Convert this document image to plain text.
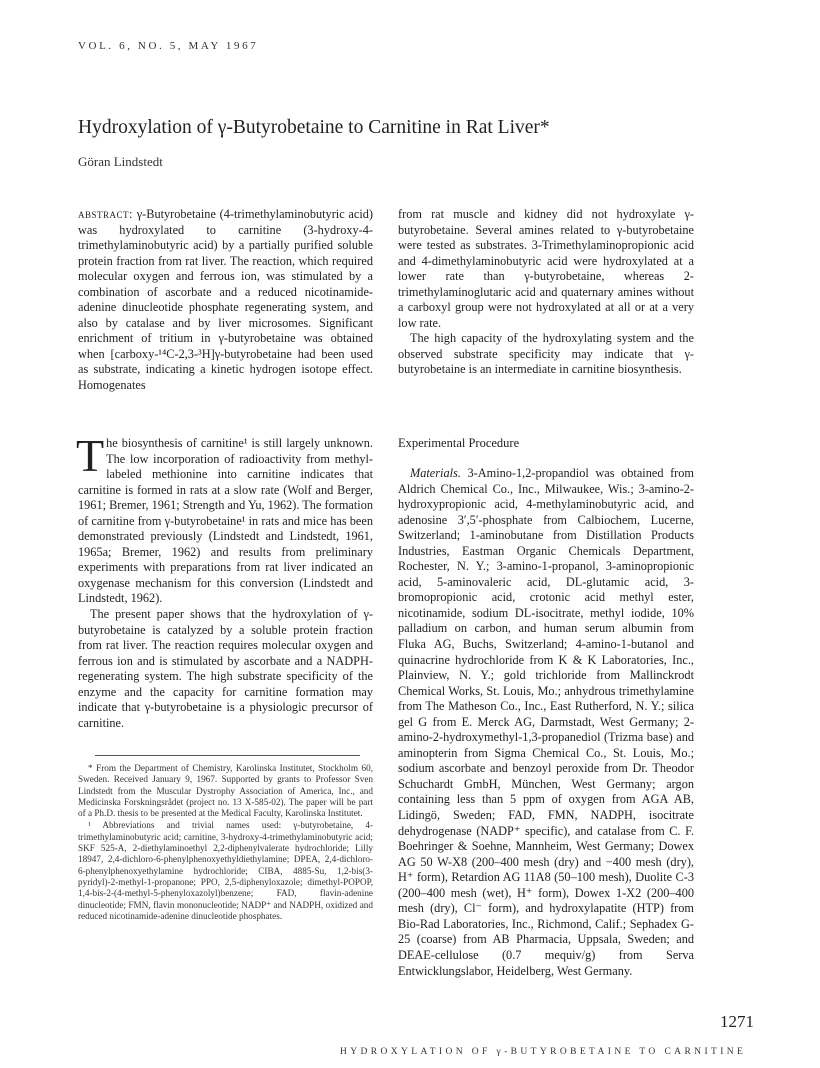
VOL. 6, NO. 5, MAY 1967
Hydroxylation of γ-Butyrobetaine to Carnitine in Rat Liver*
Göran Lindstedt
abstract: γ-Butyrobetaine (4-trimethylaminobutyric acid) was hydroxylated to carnitine (3-hydroxy-4-trimethylaminobutyric acid) by a partially purified soluble protein fraction from rat liver. The reaction, which required molecular oxygen and ferrous ion, was stimulated by a combination of ascorbate and a reduced nicotinamide-adenine dinucleotide phosphate regenerating system, and also by catalase and by liver microsomes. Significant enrichment of tritium in γ-butyrobetaine was obtained when [carboxy-¹⁴C-2,3-³H]γ-butyrobetaine had been used as substrate, indicating a kinetic hydrogen isotope effect. Homogenates

from rat muscle and kidney did not hydroxylate γ-butyrobetaine. Several amines related to γ-butyrobetaine were tested as substrates. 3-Trimethylaminopropionic acid and 4-dimethylaminobutyric acid were hydroxylated at a lower rate than γ-butyrobetaine, whereas 2-trimethylaminoglutaric acid and quaternary amines without a carboxyl group were not hydroxylated at all or at a very low rate.

The high capacity of the hydroxylating system and the observed substrate specificity may indicate that γ-butyrobetaine is an intermediate in carnitine biosynthesis.

The biosynthesis of carnitine¹ is still largely unknown. The low incorporation of radioactivity from methyl-labeled methionine into carnitine indicates that carnitine is formed in rats at a slow rate (Wolf and Berger, 1961; Bremer, 1961; Strength and Yu, 1962). The formation of carnitine from γ-butyrobetaine¹ in rats and mice has been demonstrated previously (Lindstedt and Lindstedt, 1961, 1965a; Bremer, 1962) and results from preliminary experiments with preparations from rat liver indicated an oxygenase mechanism for this conversion (Lindstedt and Lindstedt, 1962).

The present paper shows that the hydroxylation of γ-butyrobetaine is catalyzed by a soluble protein fraction from rat liver. The reaction requires molecular oxygen and ferrous ion and is stimulated by ascorbate and a NADPH-regenerating system. The high substrate specificity of the enzyme and the capacity for carnitine formation may indicate that γ-butyrobetaine is a physiologic precursor of carnitine.

Experimental Procedure

Materials. 3-Amino-1,2-propandiol was obtained from Aldrich Chemical Co., Inc., Milwaukee, Wis.; 3-amino-2-hydroxypropionic acid, 4-methylaminobutyric acid, and adenosine 3′,5′-phosphate from Calbiochem, Lucerne, Switzerland; 1-aminobutane from Distillation Products Industries, Eastman Organic Chemicals Department, Rochester, N. Y.; 3-amino-1-propanol, 3-aminopropionic acid, 5-aminovaleric acid, DL-glutamic acid, 3-bromopropionic acid, crotonic acid methyl ester, nicotinamide, sodium DL-isocitrate, methyl iodide, 10% palladium on carbon, and human serum albumin from Fluka AG, Buchs, Switzerland; 4-amino-1-butanol and quinacrine hydrochloride from K & K Laboratories, Inc., Plainview, N. Y.; gold trichloride from Mallinckrodt Chemical Works, St. Louis, Mo.; anhydrous trimethylamine from The Matheson Co., Inc., East Rutherford, N. Y.; silica gel G from E. Merck AG, Darmstadt, West Germany; 2-amino-2-hydroxymethyl-1,3-propanediol (Trizma base) and aminopterin from Sigma Chemical Co., St. Louis, Mo.; sodium ascorbate and benzoyl peroxide from Dr. Theodor Schuchardt GmbH, München, West Germany; argon containing less than 5 ppm of oxygen from AGA AB, Lidingö, Sweden; FAD, FMN, NADPH, isocitrate dehydrogenase (NADP⁺ specific), and catalase from C. F. Boehringer & Soehne, Mannheim, West Germany; Dowex AG 50 W-X8 (200–400 mesh (dry) and −400 mesh (dry), H⁺ form), Retardion AG 11A8 (50–100 mesh), Duolite C-3 (200–400 mesh (wet), H⁺ form), Dowex 1-X2 (200–400 mesh (dry), Cl⁻ form), and hydroxylapatite (HTP) from Bio-Rad Laboratories, Inc., Richmond, Calif.; Sephadex G-25 (coarse) from AB Pharmacia, Uppsala, Sweden; and DEAE-cellulose (0.7 mequiv/g) from Serva Entwicklungslabor, Heidelberg, West Germany.

* From the Department of Chemistry, Karolinska Institutet, Stockholm 60, Sweden. Received January 9, 1967. Supported by grants to Professor Sven Lindstedt from the Muscular Dystrophy Association of America, Inc., and Medicinska Forskningsrådet (project no. 13 X-585-02). The paper will be part of a Ph.D. thesis to be presented at the Medical Faculty, Karolinska Institutet.

¹ Abbreviations and trivial names used: γ-butyrobetaine, 4-trimethylaminobutyric acid; carnitine, 3-hydroxy-4-trimethylaminobutyric acid; SKF 525-A, 2-diethylaminoethyl 2,2-diphenylvalerate hydrochloride; Lilly 18947, 2,4-dichloro-6-phenylphenoxyethyldiethylamine; DPEA, 2,4-dichloro-6-phenylphenoxyethylamine hydrochloride; CIBA, 4885-Su, 1,2-bis(3-pyridyl)-2-methyl-1-propanone; PPO, 2,5-diphenyloxazole; dimethyl-POPOP, 1,4-bis-2-(4-methyl-5-phenyloxazolyl)benzene; FAD, flavin-adenine dinucleotide; FMN, flavin mononucleotide; NADP⁺ and NADPH, oxidized and reduced nicotinamide-adenine dinucleotide phosphates.

1271
HYDROXYLATION OF γ-BUTYROBETAINE TO CARNITINE
